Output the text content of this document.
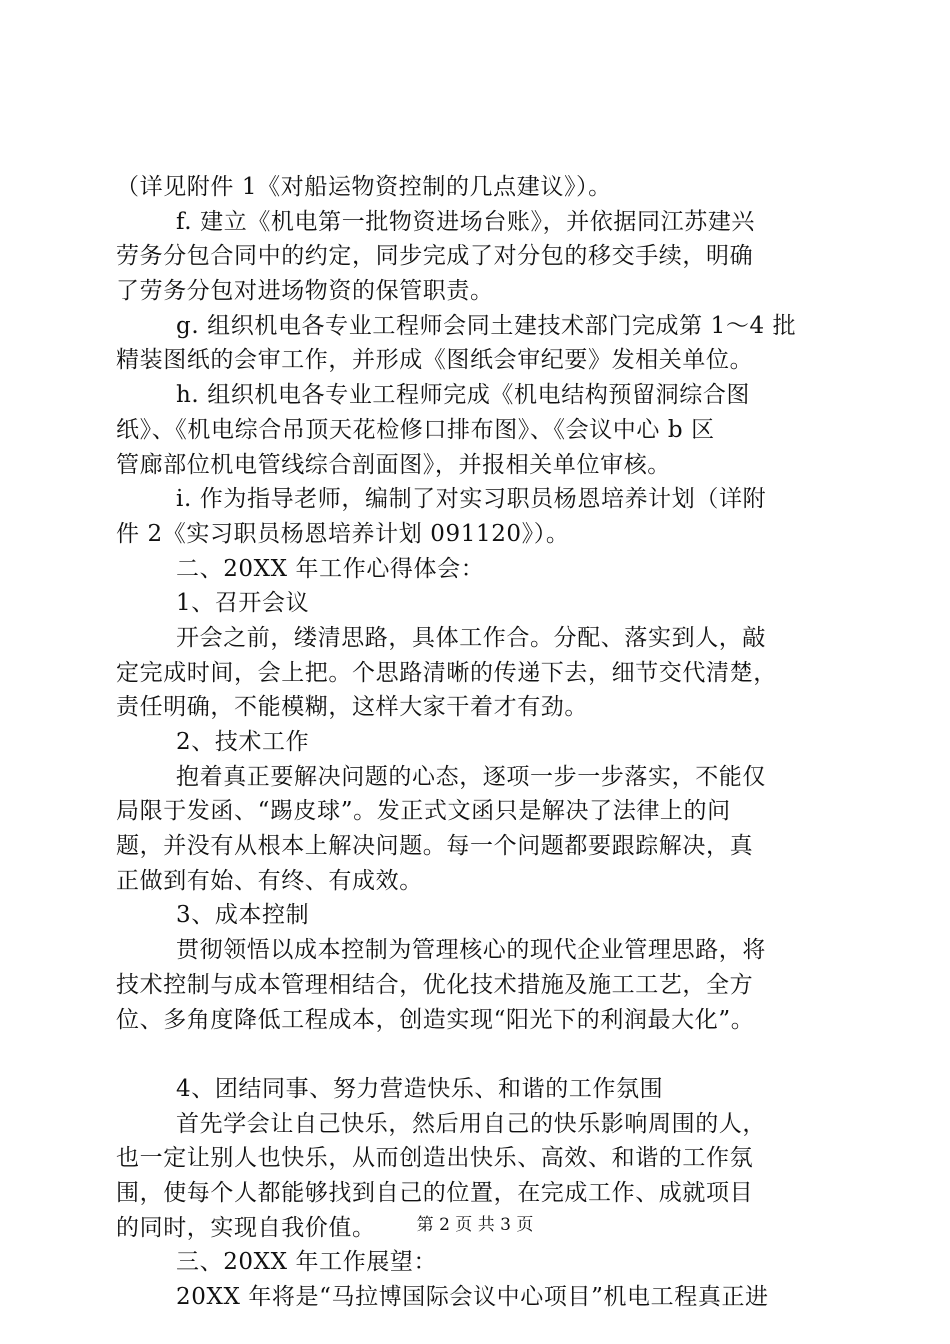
（详见附件 1《对船运物资控制的几点建议》）。
f. 建立《机电第一批物资进场台账》，并依据同江苏建兴
劳务分包合同中的约定，同步完成了对分包的移交手续，明确
了劳务分包对进场物资的保管职责。
g. 组织机电各专业工程师会同土建技术部门完成第 1～4 批
精装图纸的会审工作，并形成《图纸会审纪要》发相关单位。
h. 组织机电各专业工程师完成《机电结构预留洞综合图
纸》、《机电综合吊顶天花检修口排布图》、《会议中心 b 区
管廊部位机电管线综合剖面图》，并报相关单位审核。
i. 作为指导老师，编制了对实习职员杨恩培养计划（详附
件 2《实习职员杨恩培养计划 091120》）。
二、20XX 年工作心得体会：
1、召开会议
开会之前，缕清思路，具体工作合。分配、落实到人，敲
定完成时间，会上把。个思路清晰的传递下去，细节交代清楚，
责任明确，不能模糊，这样大家干着才有劲。
2、技术工作
抱着真正要解决问题的心态，逐项一步一步落实，不能仅
局限于发函、“踢皮球”。发正式文函只是解决了法律上的问
题，并没有从根本上解决问题。每一个问题都要跟踪解决，真
正做到有始、有终、有成效。
3、成本控制
贯彻领悟以成本控制为管理核心的现代企业管理思路，将
技术控制与成本管理相结合，优化技术措施及施工工艺，全方
位、多角度降低工程成本，创造实现“阳光下的利润最大化”。
4、团结同事、努力营造快乐、和谐的工作氛围
首先学会让自己快乐，然后用自己的快乐影响周围的人，
也一定让别人也快乐，从而创造出快乐、高效、和谐的工作氛
围，使每个人都能够找到自己的位置，在完成工作、成就项目
的同时，实现自我价值。
三、20XX 年工作展望：
20XX 年将是“马拉博国际会议中心项目”机电工程真正进
第 2 页 共 3 页
